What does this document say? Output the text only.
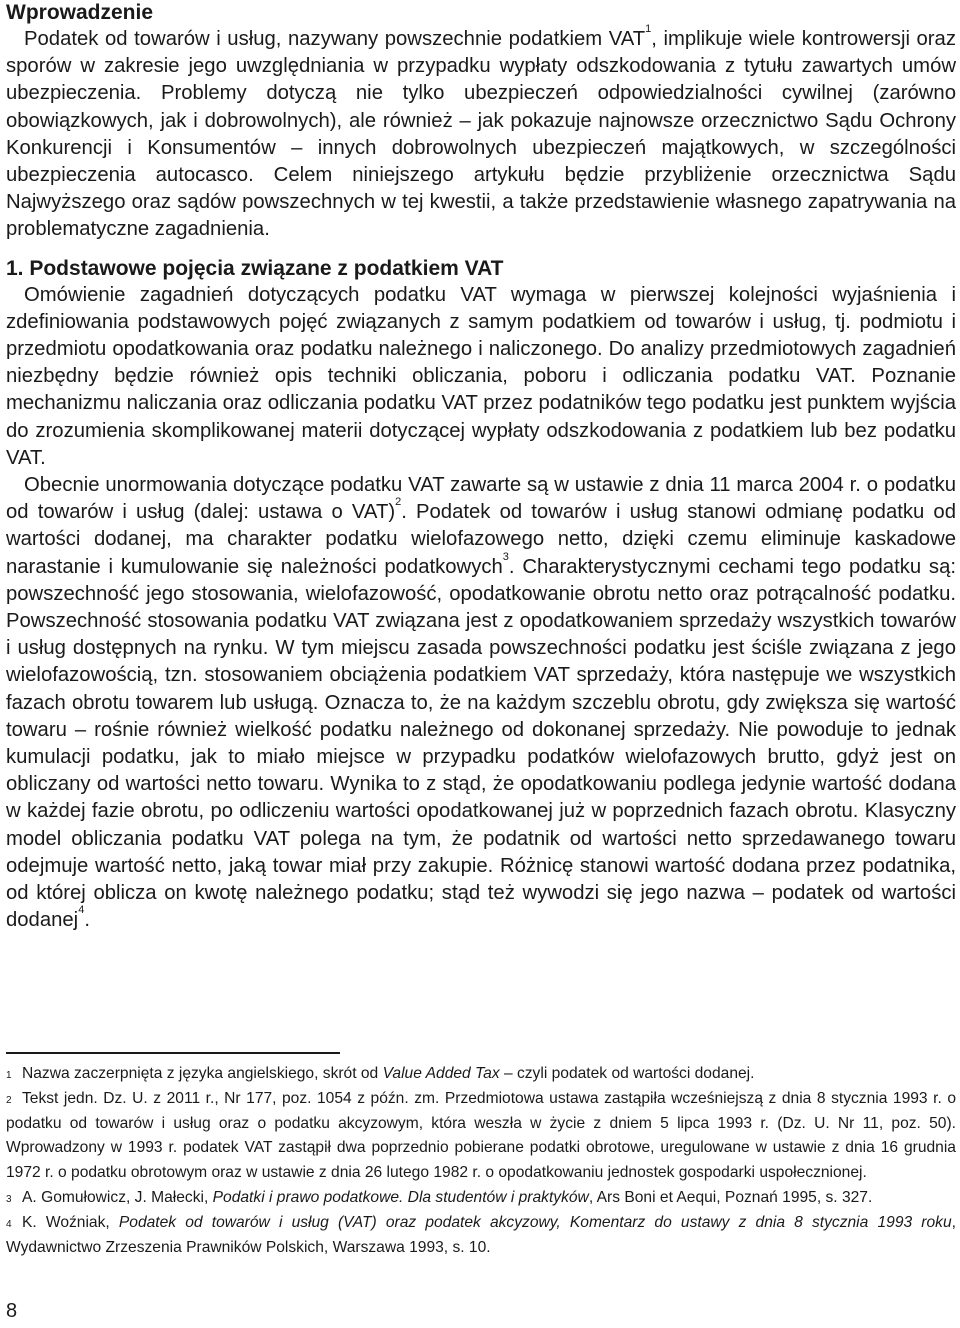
Wprowadzenie

Podatek od towarów i usług, nazywany powszechnie podatkiem VAT$^1$, implikuje wiele kontrowersji oraz sporów w zakresie jego uwzględniania w przypadku wypłaty odszkodowania z tytułu zawartych umów ubezpieczenia. Problemy dotyczą nie tylko ubezpieczeń odpowiedzialności cywilnej (zarówno obowiązkowych, jak i dobrowolnych), ale również – jak pokazuje najnowsze orzecznictwo Sądu Ochrony Konkurencji i Konsumentów – innych dobrowolnych ubezpieczeń majątkowych, w szczególności ubezpieczenia autocasco. Celem niniejszego artykułu będzie przybliżenie orzecznictwa Sądu Najwyższego oraz sądów powszechnych w tej kwestii, a także przedstawienie własnego zapatrywania na problematyczne zagadnienia.

1. Podstawowe pojęcia związane z podatkiem VAT

Omówienie zagadnień dotyczących podatku VAT wymaga w pierwszej kolejności wyjaśnienia i zdefiniowania podstawowych pojęć związanych z samym podatkiem od towarów i usług, tj. podmiotu i przedmiotu opodatkowania oraz podatku należnego i naliczonego. Do analizy przedmiotowych zagadnień niezbędny będzie również opis techniki obliczania, poboru i odliczania podatku VAT. Poznanie mechanizmu naliczania oraz odliczania podatku VAT przez podatników tego podatku jest punktem wyjścia do zrozumienia skomplikowanej materii dotyczącej wypłaty odszkodowania z podatkiem lub bez podatku VAT.

Obecnie unormowania dotyczące podatku VAT zawarte są w ustawie z dnia 11 marca 2004 r. o podatku od towarów i usług (dalej: ustawa o VAT)$^2$. Podatek od towarów i usług stanowi odmianę podatku od wartości dodanej, ma charakter podatku wielofazowego netto, dzięki czemu eliminuje kaskadowe narastanie i kumulowanie się należności podatkowych$^3$. Charakterystycznymi cechami tego podatku są: powszechność jego stosowania, wielofazowość, opodatkowanie obrotu netto oraz potrącalność podatku. Powszechność stosowania podatku VAT związana jest z opodatkowaniem sprzedaży wszystkich towarów i usług dostępnych na rynku. W tym miejscu zasada powszechności podatku jest ściśle związana z jego wielofazowością, tzn. stosowaniem obciążenia podatkiem VAT sprzedaży, która następuje we wszystkich fazach obrotu towarem lub usługą. Oznacza to, że na każdym szczeblu obrotu, gdy zwiększa się wartość towaru – rośnie również wielkość podatku należnego od dokonanej sprzedaży. Nie powoduje to jednak kumulacji podatku, jak to miało miejsce w przypadku podatków wielofazowych brutto, gdyż jest on obliczany od wartości netto towaru. Wynika to z stąd, że opodatkowaniu podlega jedynie wartość dodana w każdej fazie obrotu, po odliczeniu wartości opodatkowanej już w poprzednich fazach obrotu. Klasyczny model obliczania podatku VAT polega na tym, że podatnik od wartości netto sprzedawanego towaru odejmuje wartość netto, jaką towar miał przy zakupie. Różnicę stanowi wartość dodana przez podatnika, od której oblicza on kwotę należnego podatku; stąd też wywodzi się jego nazwa – podatek od wartości dodanej$^4$.

1 Nazwa zaczerpnięta z języka angielskiego, skrót od Value Added Tax – czyli podatek od wartości dodanej.

2 Tekst jedn. Dz. U. z 2011 r., Nr 177, poz. 1054 z późn. zm. Przedmiotowa ustawa zastąpiła wcześniejszą z dnia 8 stycznia 1993 r. o podatku od towarów i usług oraz o podatku akcyzowym, która weszła w życie z dniem 5 lipca 1993 r. (Dz. U. Nr 11, poz. 50). Wprowadzony w 1993 r. podatek VAT zastąpił dwa poprzednio pobierane podatki obrotowe, uregulowane w ustawie z dnia 16 grudnia 1972 r. o podatku obrotowym oraz w ustawie z dnia 26 lutego 1982 r. o opodatkowaniu jednostek gospodarki uspołecznionej.

3 A. Gomułowicz, J. Małecki, Podatki i prawo podatkowe. Dla studentów i praktyków, Ars Boni et Aequi, Poznań 1995, s. 327.

4 K. Woźniak, Podatek od towarów i usług (VAT) oraz podatek akcyzowy, Komentarz do ustawy z dnia 8 stycznia 1993 roku, Wydawnictwo Zrzeszenia Prawników Polskich, Warszawa 1993, s. 10.

8
